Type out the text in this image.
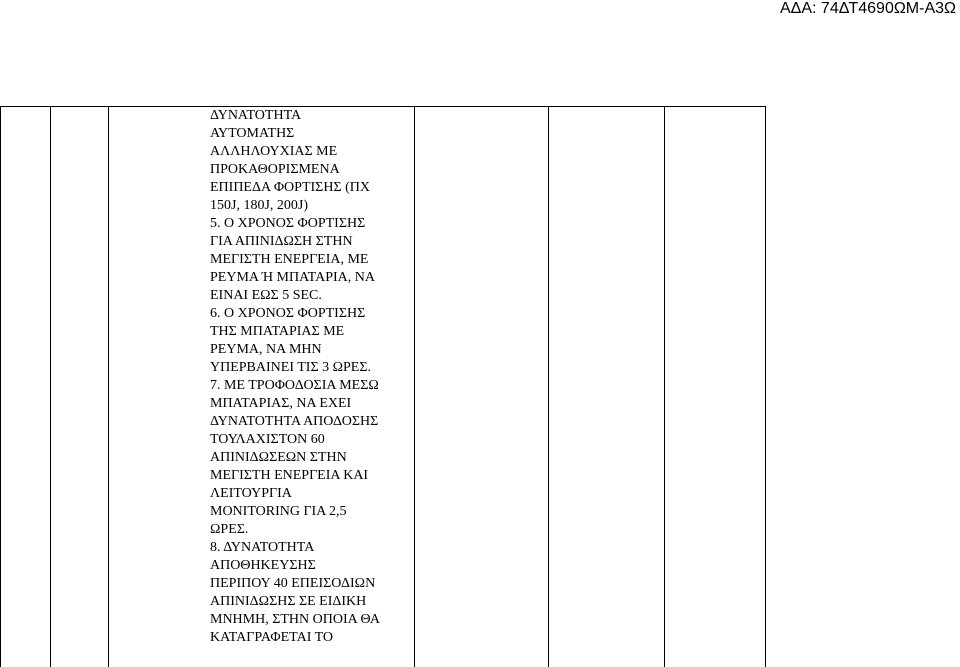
ΑΔΑ: 74ΔΤ4690ΩΜ-Α3Ω
ΔΥΝΑΤΟΤΗΤΑ
ΑΥΤΟΜΑΤΗΣ
ΑΛΛΗΛΟΥΧΙΑΣ ΜΕ
ΠΡΟΚΑΘΟΡΙΣΜΕΝΑ
ΕΠΙΠΕΔΑ ΦΟΡΤΙΣΗΣ (ΠΧ
150J, 180J, 200J)
5. Ο ΧΡΟΝΟΣ ΦΟΡΤΙΣΗΣ
ΓΙΑ ΑΠΙΝΙΔΩΣΗ ΣΤΗΝ
ΜΕΓΙΣΤΗ ΕΝΕΡΓΕΙΑ, ΜΕ
ΡΕΥΜΑ Ή ΜΠΑΤΑΡΙΑ, ΝΑ
ΕΙΝΑΙ ΕΩΣ 5 SEC.
6. Ο ΧΡΟΝΟΣ ΦΟΡΤΙΣΗΣ
ΤΗΣ ΜΠΑΤΑΡΙΑΣ ΜΕ
ΡΕΥΜΑ, ΝΑ ΜΗΝ
ΥΠΕΡΒΑΙΝΕΙ ΤΙΣ 3 ΩΡΕΣ.
7. ΜΕ ΤΡΟΦΟΔΟΣΙΑ ΜΕΣΩ
ΜΠΑΤΑΡΙΑΣ, ΝΑ ΕΧΕΙ
ΔΥΝΑΤΟΤΗΤΑ ΑΠΟΔΟΣΗΣ
ΤΟΥΛΑΧΙΣΤΟΝ 60
ΑΠΙΝΙΔΩΣΕΩΝ ΣΤΗΝ
ΜΕΓΙΣΤΗ ΕΝΕΡΓΕΙΑ ΚΑΙ
ΛΕΙΤΟΥΡΓΙΑ
MONITORING ΓΙΑ 2,5
ΩΡΕΣ.
8. ΔΥΝΑΤΟΤΗΤΑ
ΑΠΟΘΗΚΕΥΣΗΣ
ΠΕΡΙΠΟΥ 40 ΕΠΕΙΣΟΔΙΩΝ
ΑΠΙΝΙΔΩΣΗΣ ΣΕ ΕΙΔΙΚΗ
ΜΝΗΜΗ, ΣΤΗΝ ΟΠΟΙΑ ΘΑ
ΚΑΤΑΓΡΑΦΕΤΑΙ ΤΟ
